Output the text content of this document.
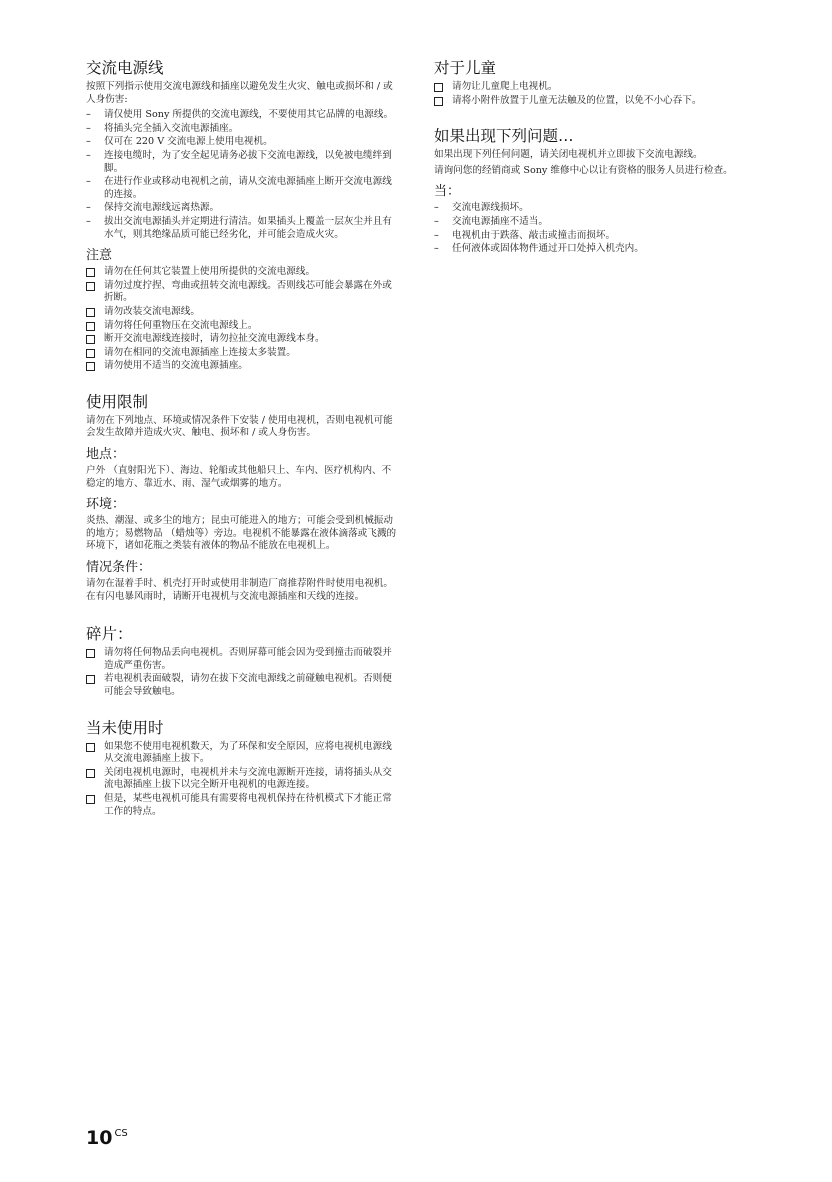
交流电源线

按照下列指示使用交流电源线和插座以避免发生火灾、触电或损坏和 / 或人身伤害:

–	请仅使用 Sony 所提供的交流电源线，不要使用其它品牌的电源线。
–	将插头完全插入交流电源插座。
–	仅可在 220 V 交流电源上使用电视机。
–	连接电缆时，为了安全起见请务必拔下交流电源线，以免被电缆绊到脚。
–	在进行作业或移动电视机之前，请从交流电源插座上断开交流电源线的连接。
–	保持交流电源线远离热源。
–	拔出交流电源插头并定期进行清洁。如果插头上覆盖一层灰尘并且有水气，则其绝缘品质可能已经劣化，并可能会造成火灾。
注意
请勿在任何其它装置上使用所提供的交流电源线。
请勿过度拧捏、弯曲或扭转交流电源线。否则线芯可能会暴露在外或折断。
请勿改装交流电源线。
请勿将任何重物压在交流电源线上。
断开交流电源线连接时，请勿拉扯交流电源线本身。
请勿在相同的交流电源插座上连接太多装置。
请勿使用不适当的交流电源插座。
使用限制

请勿在下列地点、环境或情况条件下安装 / 使用电视机，否则电视机可能会发生故障并造成火灾、触电、损坏和 / 或人身伤害。

地点：

户外 （直射阳光下）、海边、轮船或其他船只上、车内、医疗机构内、不稳定的地方、靠近水、雨、湿气或烟雾的地方。

环境：

炎热、潮湿、或多尘的地方；昆虫可能进入的地方；可能会受到机械振动的地方；易燃物品 （蜡烛等）旁边。电视机不能暴露在液体滴落或飞溅的环境下，诸如花瓶之类装有液体的物品不能放在电视机上。

情况条件：

请勿在湿着手时、机壳打开时或使用非制造厂商推荐附件时使用电视机。在有闪电暴风雨时，请断开电视机与交流电源插座和天线的连接。

碎片：
请勿将任何物品丢向电视机。否则屏幕可能会因为受到撞击而破裂并造成严重伤害。
若电视机表面破裂，请勿在拔下交流电源线之前碰触电视机。否则便可能会导致触电。
当未使用时
如果您不使用电视机数天，为了环保和安全原因，应将电视机电源线从交流电源插座上拔下。
关闭电视机电源时，电视机并未与交流电源断开连接，请将插头从交流电源插座上拔下以完全断开电视机的电源连接。
但是，某些电视机可能具有需要将电视机保持在待机模式下才能正常工作的特点。
对于儿童
请勿让儿童爬上电视机。
请将小附件放置于儿童无法触及的位置，以免不小心吞下。
如果出现下列问题…

如果出现下列任何问题，请关闭电视机并立即拔下交流电源线。

请询问您的经销商或 Sony 维修中心以让有资格的服务人员进行检查。

当：
–	交流电源线损坏。
–	交流电源插座不适当。
–	电视机由于跌落、敲击或撞击而损坏。
–	任何液体或固体物件通过开口处掉入机壳内。
10 $^{CS}$
